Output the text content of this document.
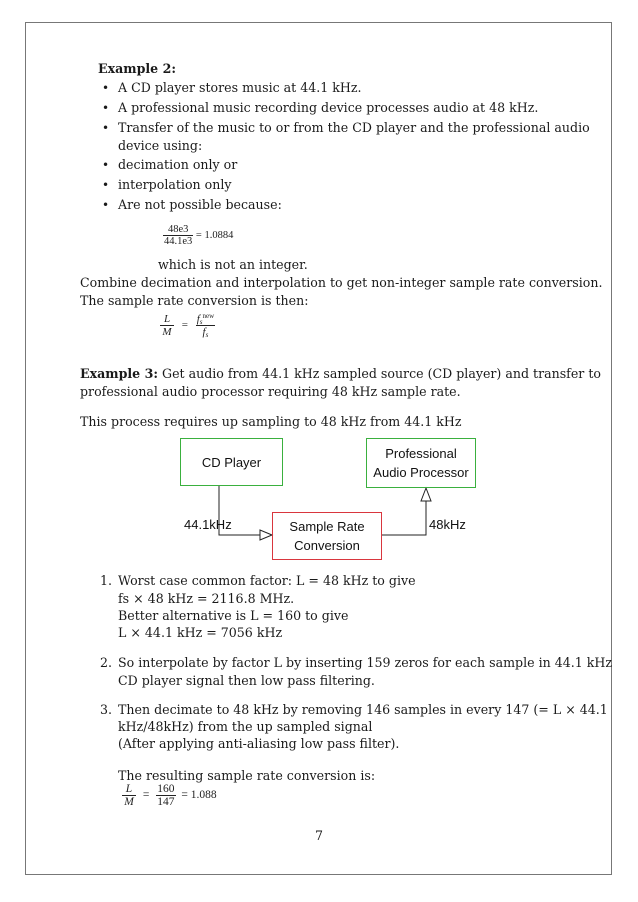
Example 2:
• A CD player stores music at 44.1 kHz.
• A professional music recording device processes audio at 48 kHz.
• Transfer of the music to or from the CD player and the professional audio
device using:
• decimation only or
• interpolation only
• Are not possible because:
$\frac{48e3}{44.1e3} = 1.0884$
which is not an integer.
Combine decimation and interpolation to get non-integer sample rate conversion.
The sample rate conversion is then:
$\frac{L}{M} = \frac{fs^{new}}{fs}$
Example 3: Get audio from 44.1 kHz sampled source (CD player) and transfer to
professional audio processor requiring 48 kHz sample rate.
This process requires up sampling to 48 kHz from 44.1 kHz
CD Player
Professional
Audio Processor
Sample Rate
Conversion
44.1kHz	48kHz
1. Worst case common factor: L = 48 kHz to give
fs × 48 kHz = 2116.8 MHz.
Better alternative is L = 160 to give
L × 44.1 kHz = 7056 kHz
2. So interpolate by factor L by inserting 159 zeros for each sample in 44.1 kHz
CD player signal then low pass filtering.
3. Then decimate to 48 kHz by removing 146 samples in every 147 (= L × 44.1
kHz/48kHz) from the up sampled signal
(After applying anti-aliasing low pass filter).
The resulting sample rate conversion is:
$\frac{L}{M} = \frac{160}{147} = 1.088$
7
